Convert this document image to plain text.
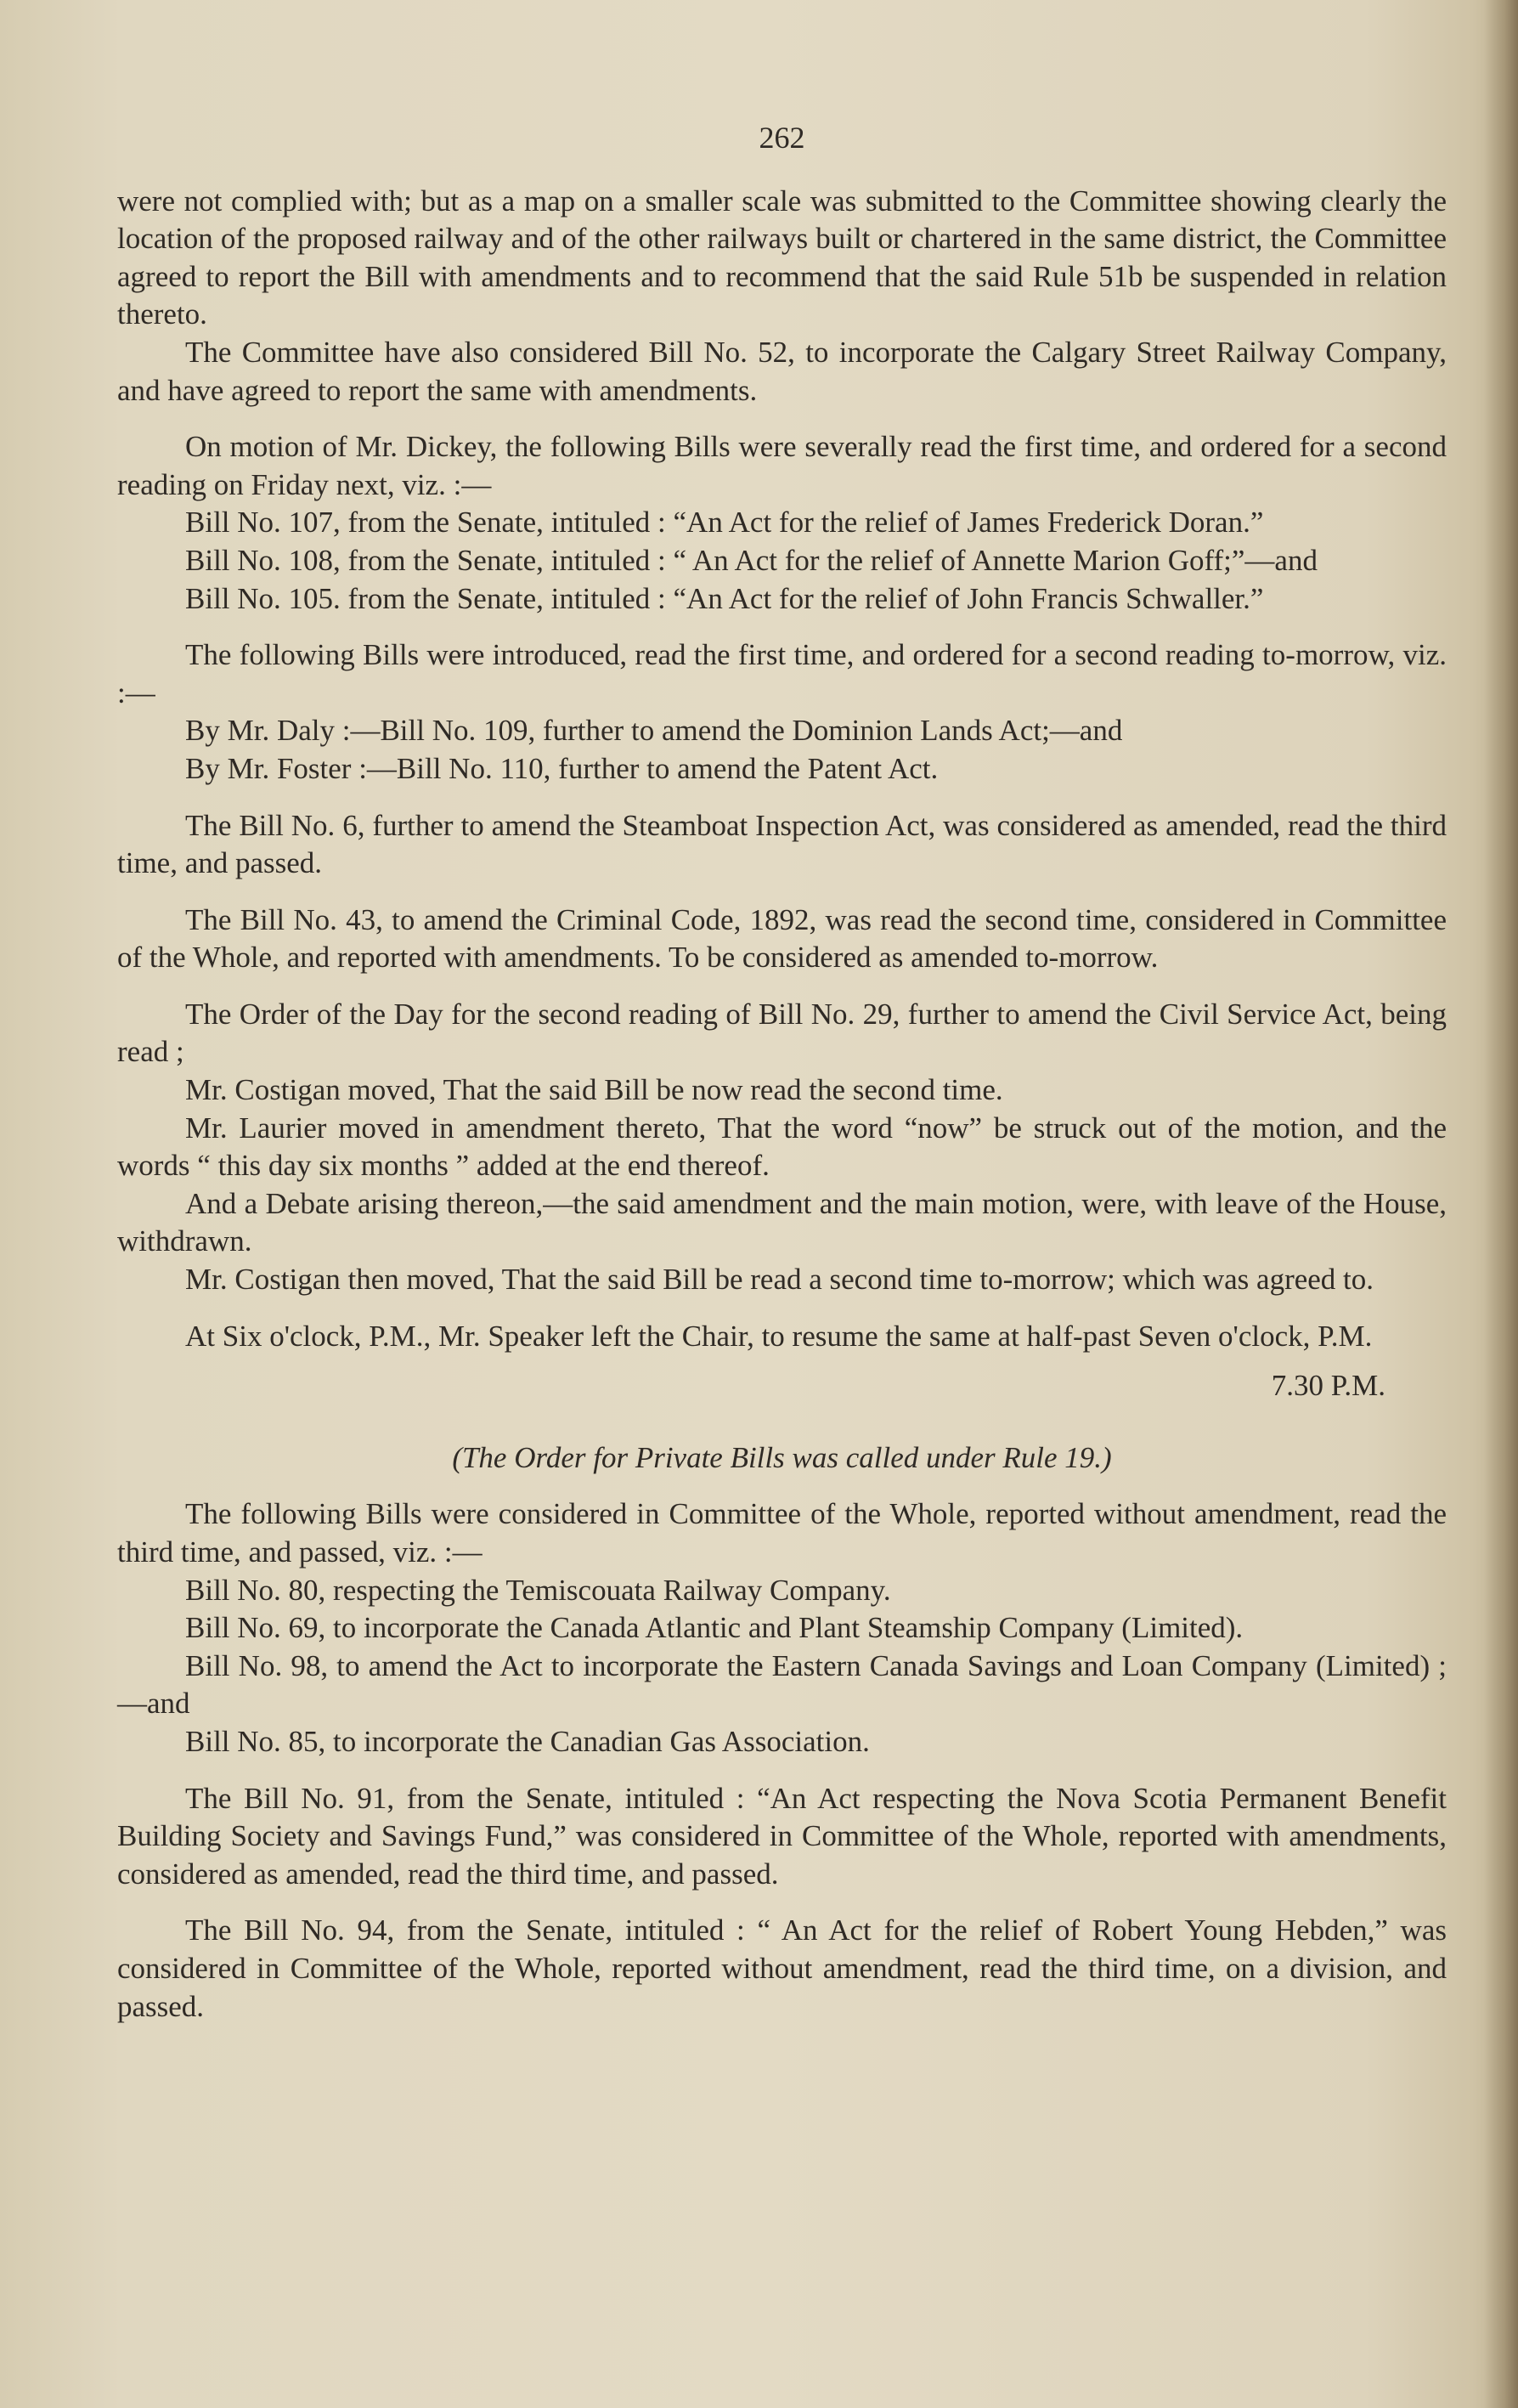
262

were not complied with; but as a map on a smaller scale was submitted to the Committee showing clearly the location of the proposed railway and of the other railways built or chartered in the same district, the Committee agreed to report the Bill with amendments and to recommend that the said Rule 51b be suspended in relation thereto.

The Committee have also considered Bill No. 52, to incorporate the Calgary Street Railway Company, and have agreed to report the same with amendments.

On motion of Mr. Dickey, the following Bills were severally read the first time, and ordered for a second reading on Friday next, viz. :—

Bill No. 107, from the Senate, intituled : “An Act for the relief of James Frederick Doran.”

Bill No. 108, from the Senate, intituled : “ An Act for the relief of Annette Marion Goff;”—and

Bill No. 105. from the Senate, intituled : “An Act for the relief of John Francis Schwaller.”

The following Bills were introduced, read the first time, and ordered for a second reading to-morrow, viz. :—

By Mr. Daly :—Bill No. 109, further to amend the Dominion Lands Act;—and

By Mr. Foster :—Bill No. 110, further to amend the Patent Act.

The Bill No. 6, further to amend the Steamboat Inspection Act, was considered as amended, read the third time, and passed.

The Bill No. 43, to amend the Criminal Code, 1892, was read the second time, considered in Committee of the Whole, and reported with amendments. To be considered as amended to-morrow.

The Order of the Day for the second reading of Bill No. 29, further to amend the Civil Service Act, being read ;

Mr. Costigan moved, That the said Bill be now read the second time.

Mr. Laurier moved in amendment thereto, That the word “now” be struck out of the motion, and the words “ this day six months ” added at the end thereof.

And a Debate arising thereon,—the said amendment and the main motion, were, with leave of the House, withdrawn.

Mr. Costigan then moved, That the said Bill be read a second time to-morrow; which was agreed to.

At Six o'clock, P.M., Mr. Speaker left the Chair, to resume the same at half-past Seven o'clock, P.M.

7.30 P.M.

(The Order for Private Bills was called under Rule 19.)

The following Bills were considered in Committee of the Whole, reported without amendment, read the third time, and passed, viz. :—

Bill No. 80, respecting the Temiscouata Railway Company.

Bill No. 69, to incorporate the Canada Atlantic and Plant Steamship Company (Limited).

Bill No. 98, to amend the Act to incorporate the Eastern Canada Savings and Loan Company (Limited) ;—and

Bill No. 85, to incorporate the Canadian Gas Association.

The Bill No. 91, from the Senate, intituled : “An Act respecting the Nova Scotia Permanent Benefit Building Society and Savings Fund,” was considered in Committee of the Whole, reported with amendments, considered as amended, read the third time, and passed.

The Bill No. 94, from the Senate, intituled : “ An Act for the relief of Robert Young Hebden,” was considered in Committee of the Whole, reported without amendment, read the third time, on a division, and passed.
